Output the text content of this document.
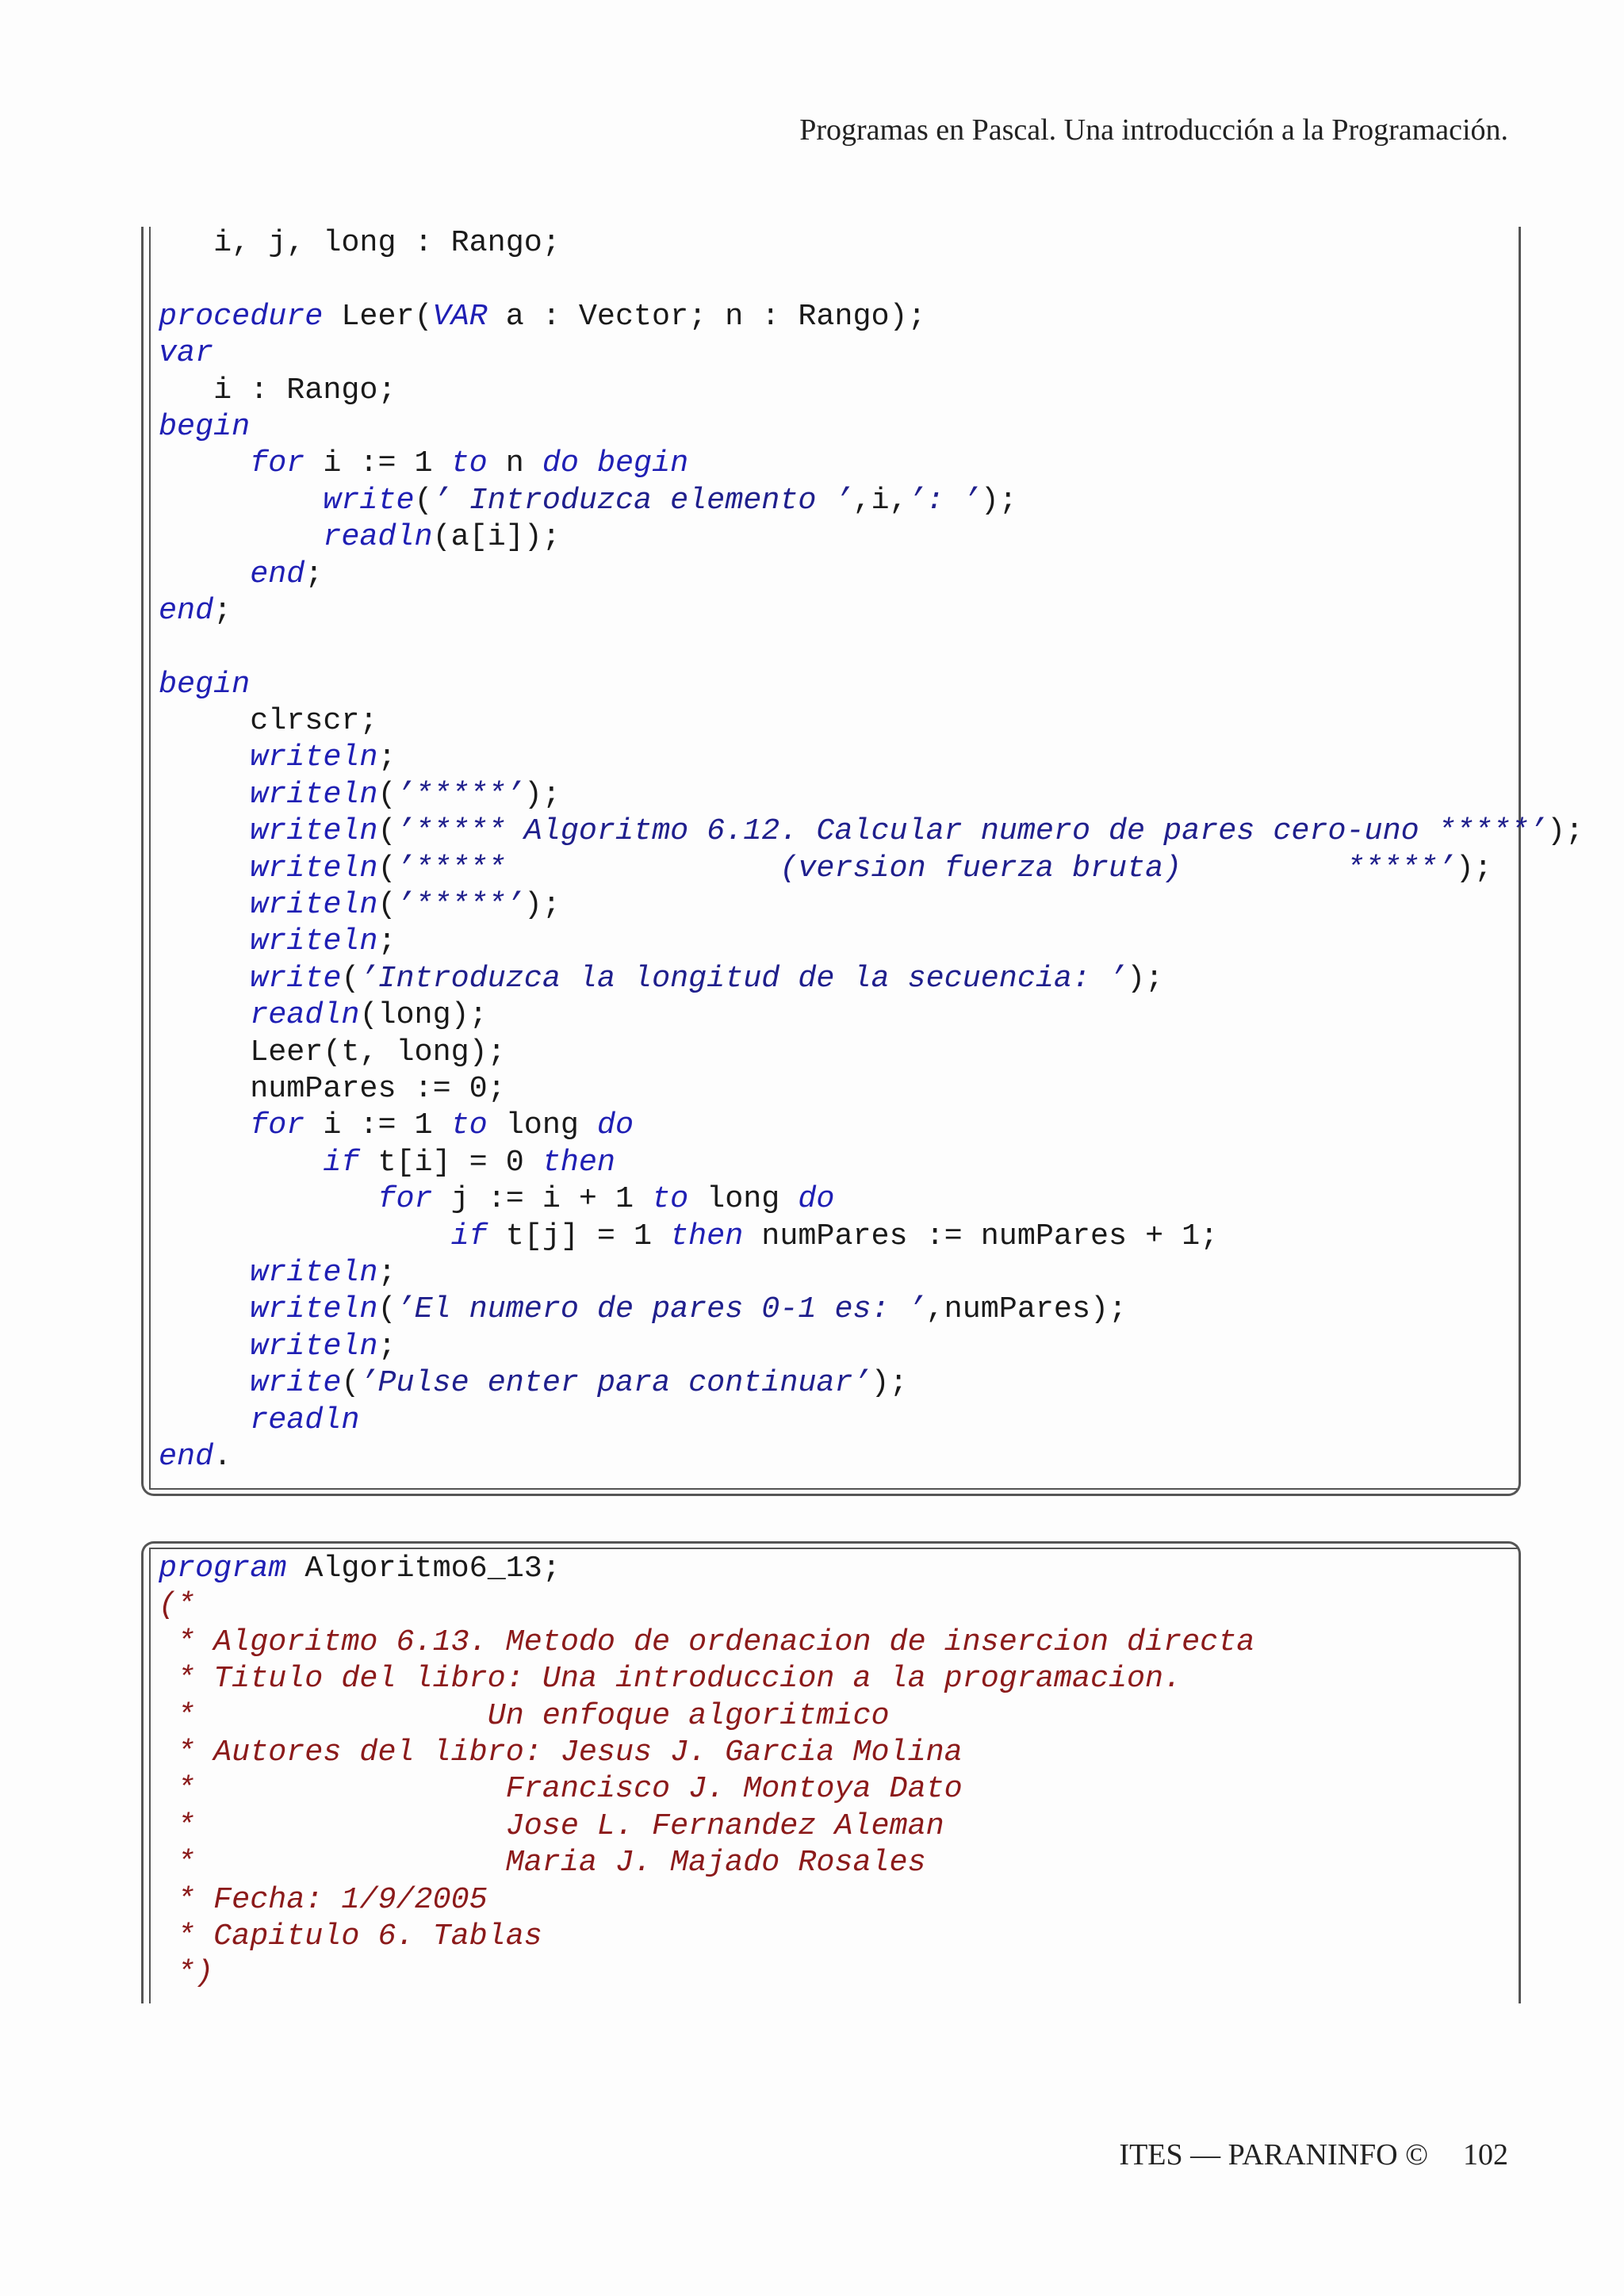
Programas en Pascal. Una introducción a la Programación.
i, j, long : Rango;
procedure Leer(VAR a : Vector; n : Rango);
var
i : Rango;
begin
for i := 1 to n do begin
write(’ Introduzca elemento ’,i,’: ’);
readln(a[i]);
end;
end;
begin
clrscr;
writeln;
writeln(’*****’);
writeln(’***** Algoritmo 6.12. Calcular numero de pares cero-uno *****’);
writeln(’*****               (version fuerza bruta)         *****’);
writeln(’*****’);
writeln;
write(’Introduzca la longitud de la secuencia: ’);
readln(long);
Leer(t, long);
numPares := 0;
for i := 1 to long do
if t[i] = 0 then
for j := i + 1 to long do
if t[j] = 1 then numPares := numPares + 1;
writeln;
writeln(’El numero de pares 0-1 es: ’,numPares);
writeln;
write(’Pulse enter para continuar’);
readln
end.
program Algoritmo6_13;
(*
* Algoritmo 6.13. Metodo de ordenacion de insercion directa
* Titulo del libro: Una introduccion a la programacion.
*                Un enfoque algoritmico
* Autores del libro: Jesus J. Garcia Molina
*                 Francisco J. Montoya Dato
*                 Jose L. Fernandez Aleman
*                 Maria J. Majado Rosales
* Fecha: 1/9/2005
* Capitulo 6. Tablas
*)
ITES — PARANINFO © 102
